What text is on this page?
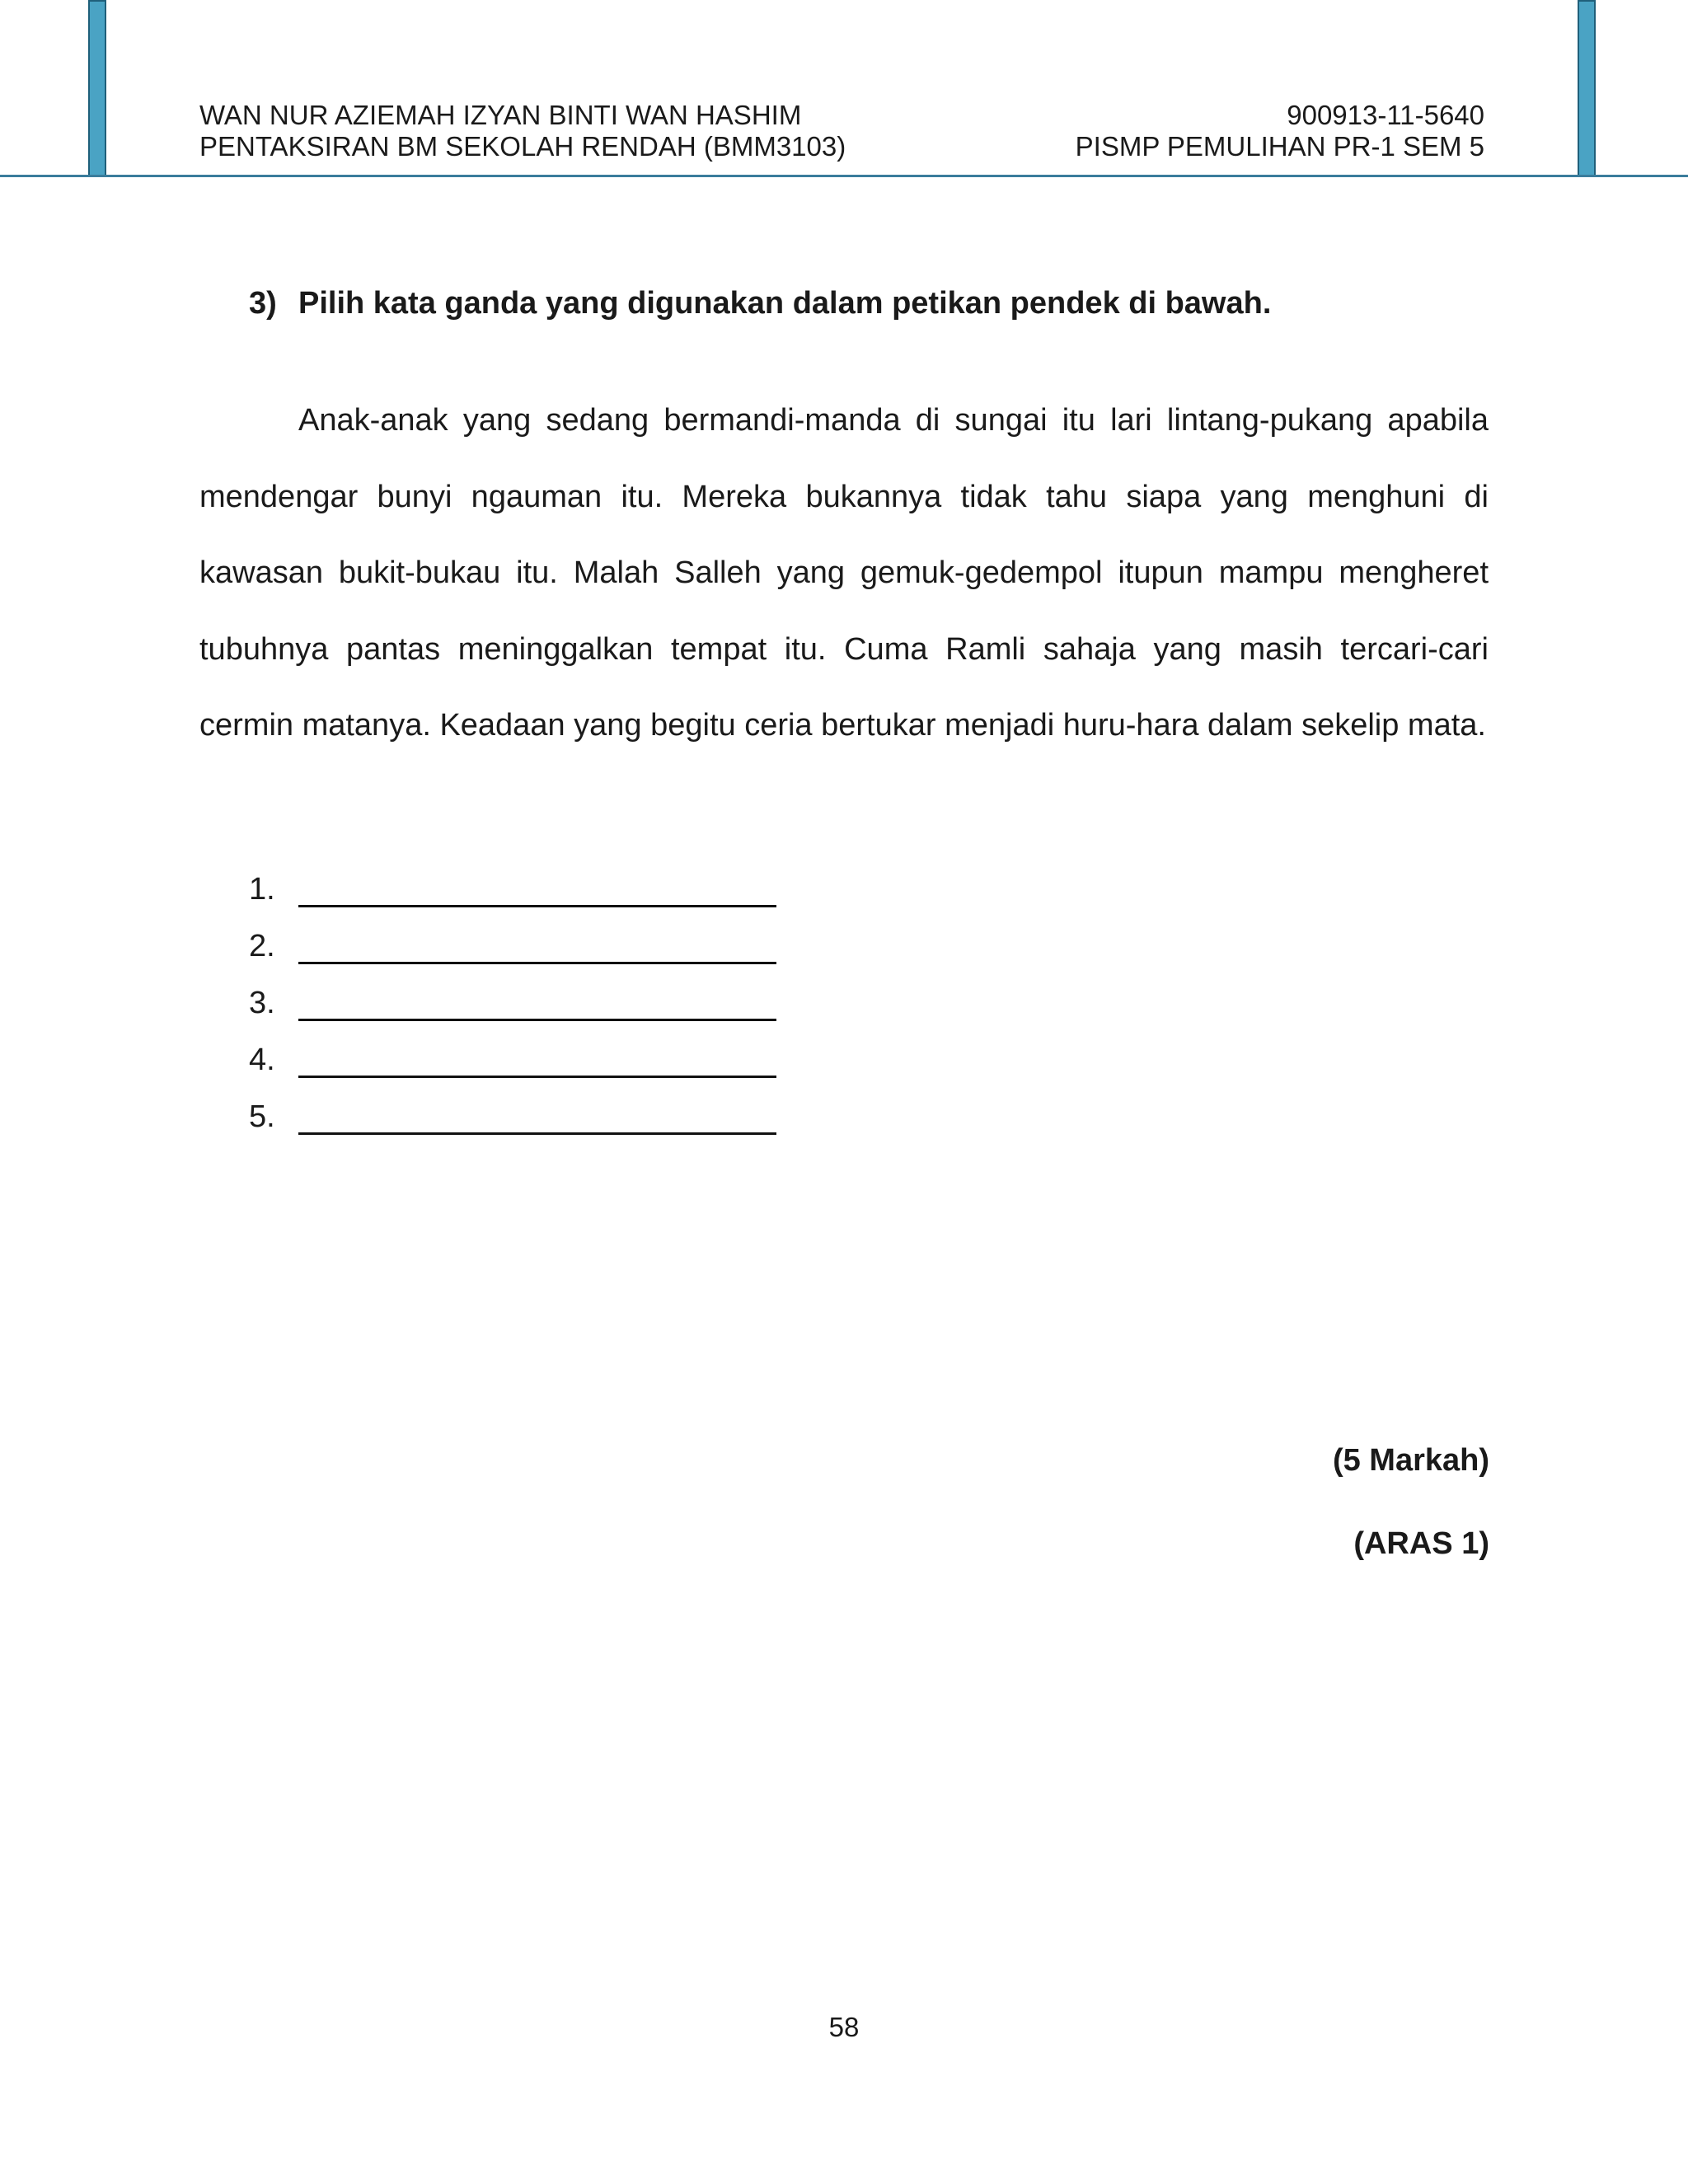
WAN NUR AZIEMAH IZYAN BINTI WAN HASHIM
PENTAKSIRAN BM SEKOLAH RENDAH (BMM3103)
900913-11-5640
PISMP PEMULIHAN PR-1 SEM 5
3) Pilih kata ganda yang digunakan dalam petikan pendek di bawah.

Anak-anak yang sedang bermandi-manda di sungai itu lari lintang-pukang apabila mendengar bunyi ngauman itu. Mereka bukannya tidak tahu siapa yang menghuni di kawasan bukit-bukau itu. Malah Salleh yang gemuk-gedempol itupun mampu mengheret tubuhnya pantas meninggalkan tempat itu. Cuma Ramli sahaja yang masih tercari-cari cermin matanya. Keadaan yang begitu ceria bertukar menjadi huru-hara dalam sekelip mata.

1.
2.
3.
4.
5.
(5 Markah)
(ARAS 1)
58
